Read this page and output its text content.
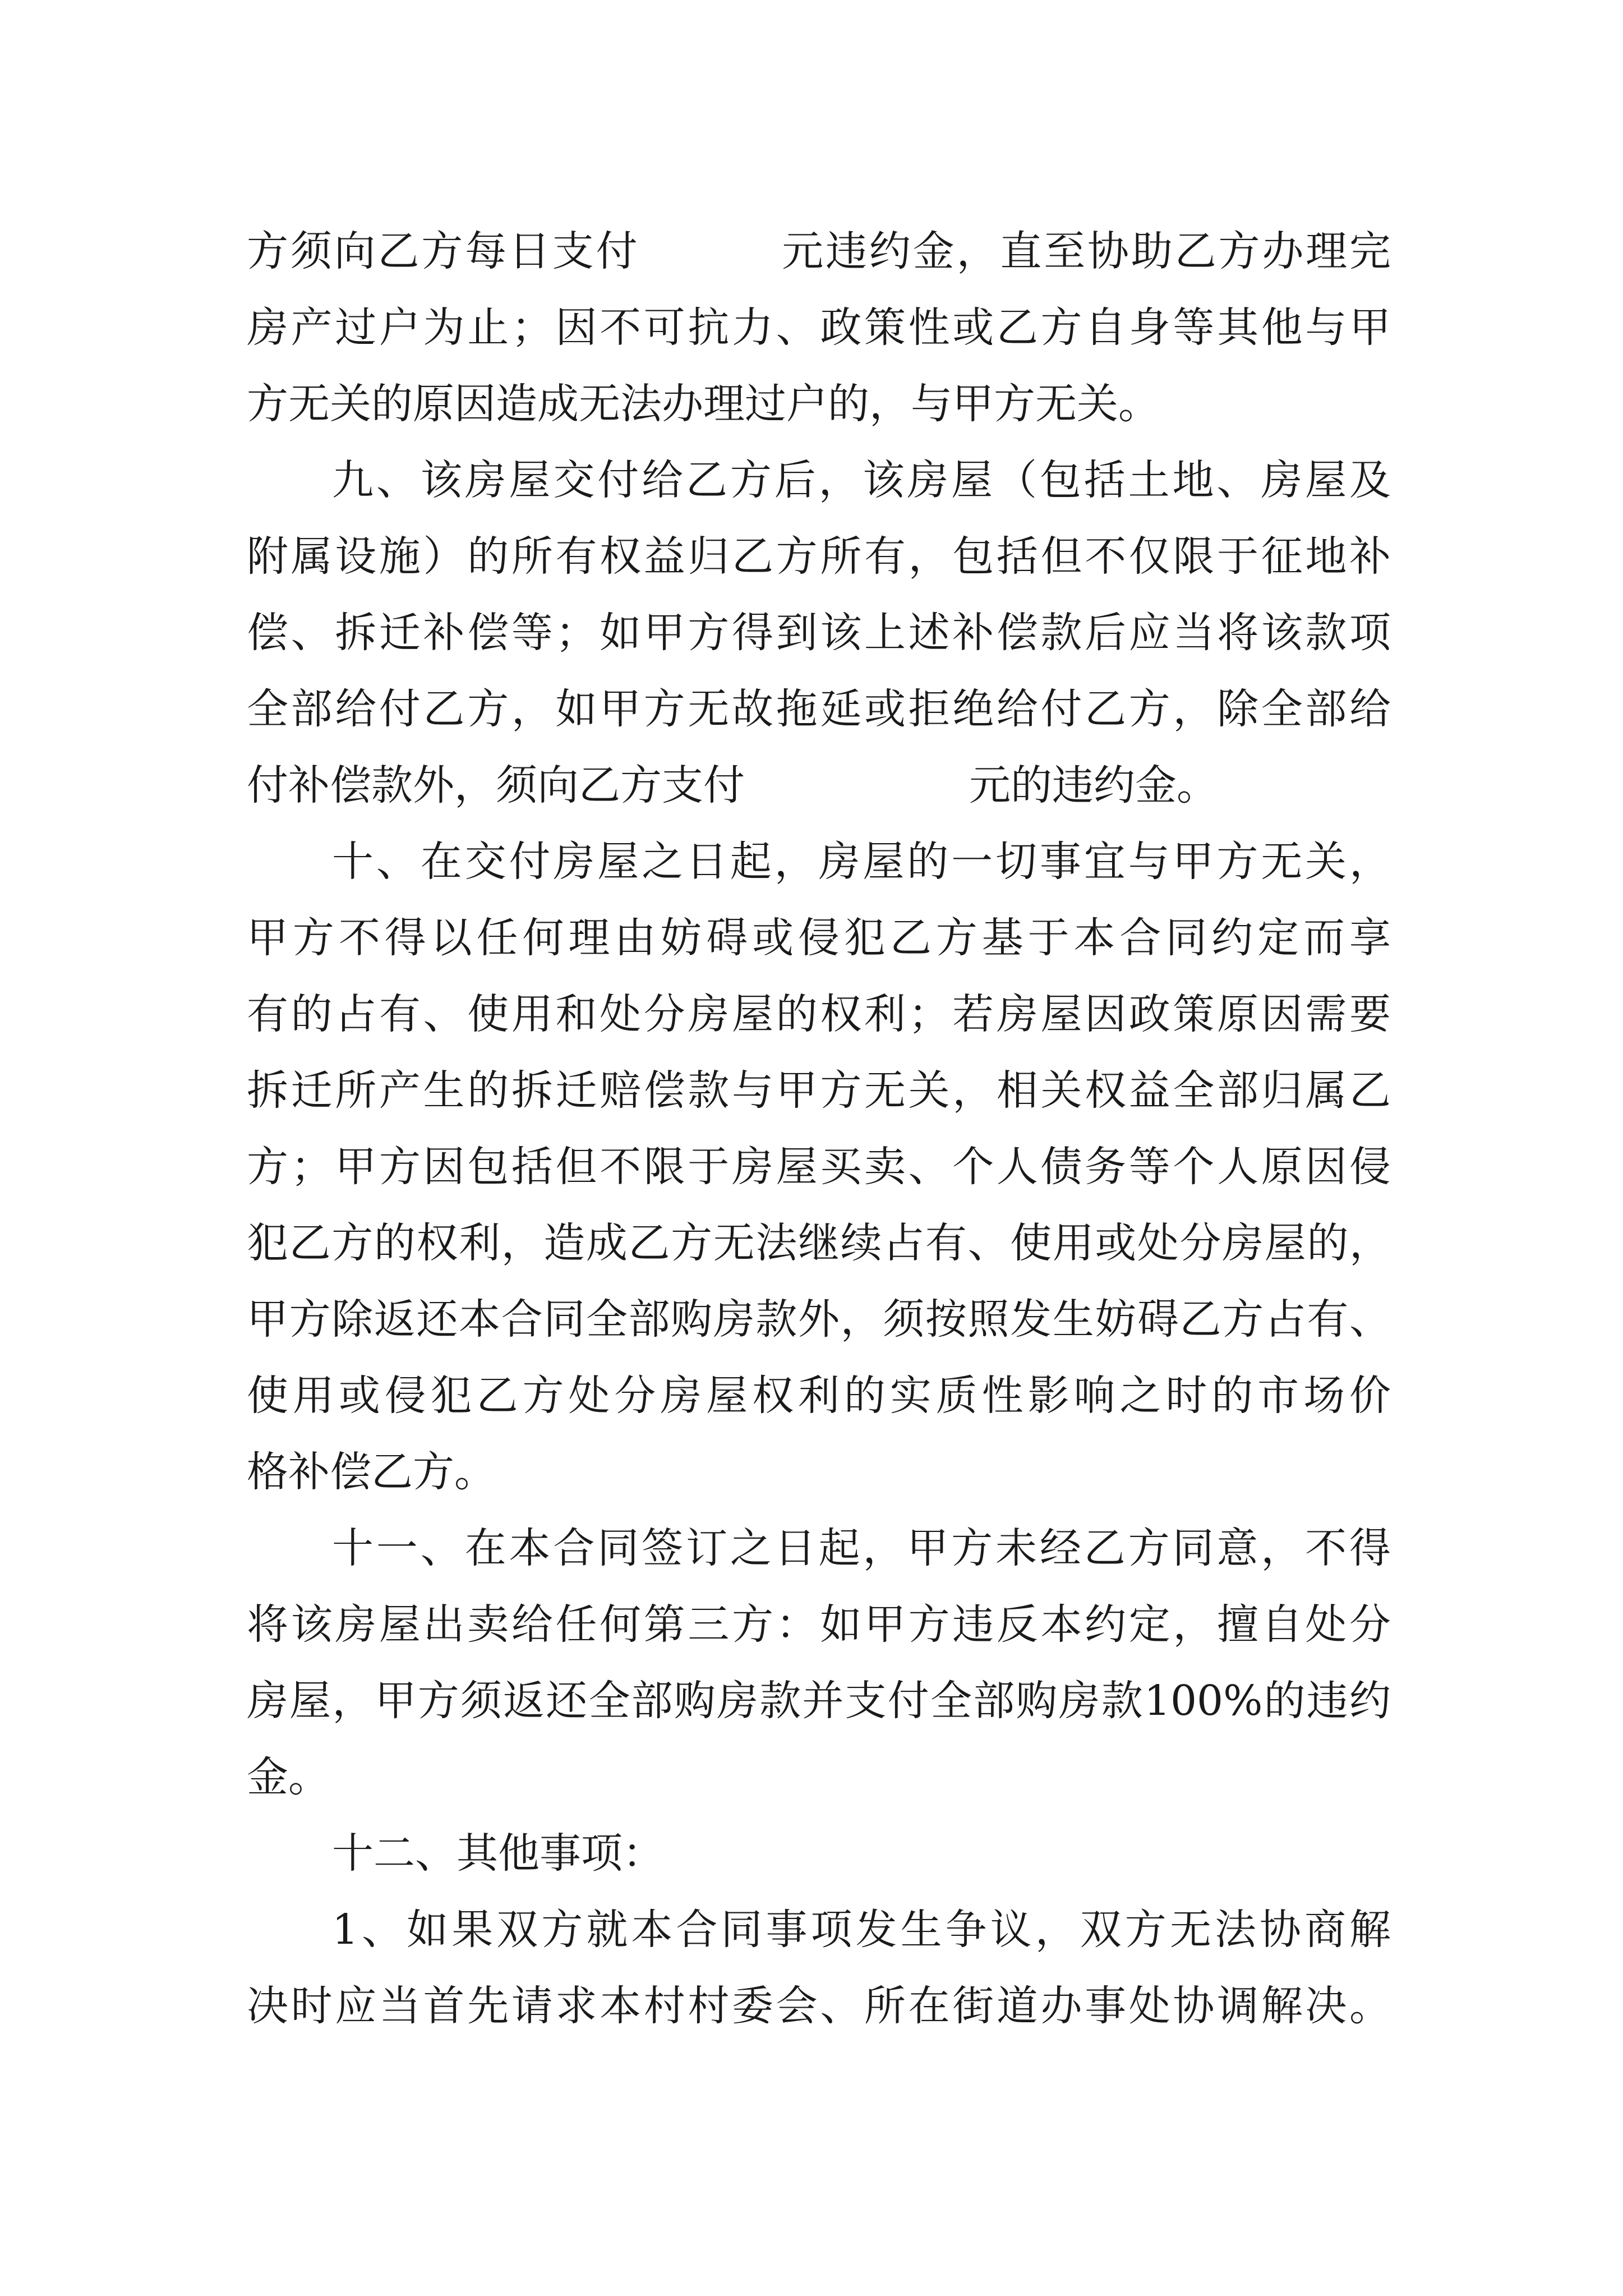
方须向乙方每日支付	元违约金，直至协助乙方办理完
房产过户为止；因不可抗力、政策性或乙方自身等其他与甲
方无关的原因造成无法办理过户的，与甲方无关。
九、该房屋交付给乙方后，该房屋（包括土地、房屋及
附属设施）的所有权益归乙方所有，包括但不仅限于征地补
偿、拆迁补偿等；如甲方得到该上述补偿款后应当将该款项
全部给付乙方，如甲方无故拖延或拒绝给付乙方，除全部给
付补偿款外，须向乙方支付	元的违约金。
十、在交付房屋之日起，房屋的一切事宜与甲方无关，
甲方不得以任何理由妨碍或侵犯乙方基于本合同约定而享
有的占有、使用和处分房屋的权利；若房屋因政策原因需要
拆迁所产生的拆迁赔偿款与甲方无关，相关权益全部归属乙
方；甲方因包括但不限于房屋买卖、个人债务等个人原因侵
犯乙方的权利，造成乙方无法继续占有、使用或处分房屋的，
甲方除返还本合同全部购房款外，须按照发生妨碍乙方占有、
使用或侵犯乙方处分房屋权利的实质性影响之时的市场价
格补偿乙方。
十一、在本合同签订之日起，甲方未经乙方同意，不得
将该房屋出卖给任何第三方：如甲方违反本约定，擅自处分
房屋，甲方须返还全部购房款并支付全部购房款100%的违约
金。
十二、其他事项：
1、如果双方就本合同事项发生争议，双方无法协商解
决时应当首先请求本村村委会、所在街道办事处协调解决。
